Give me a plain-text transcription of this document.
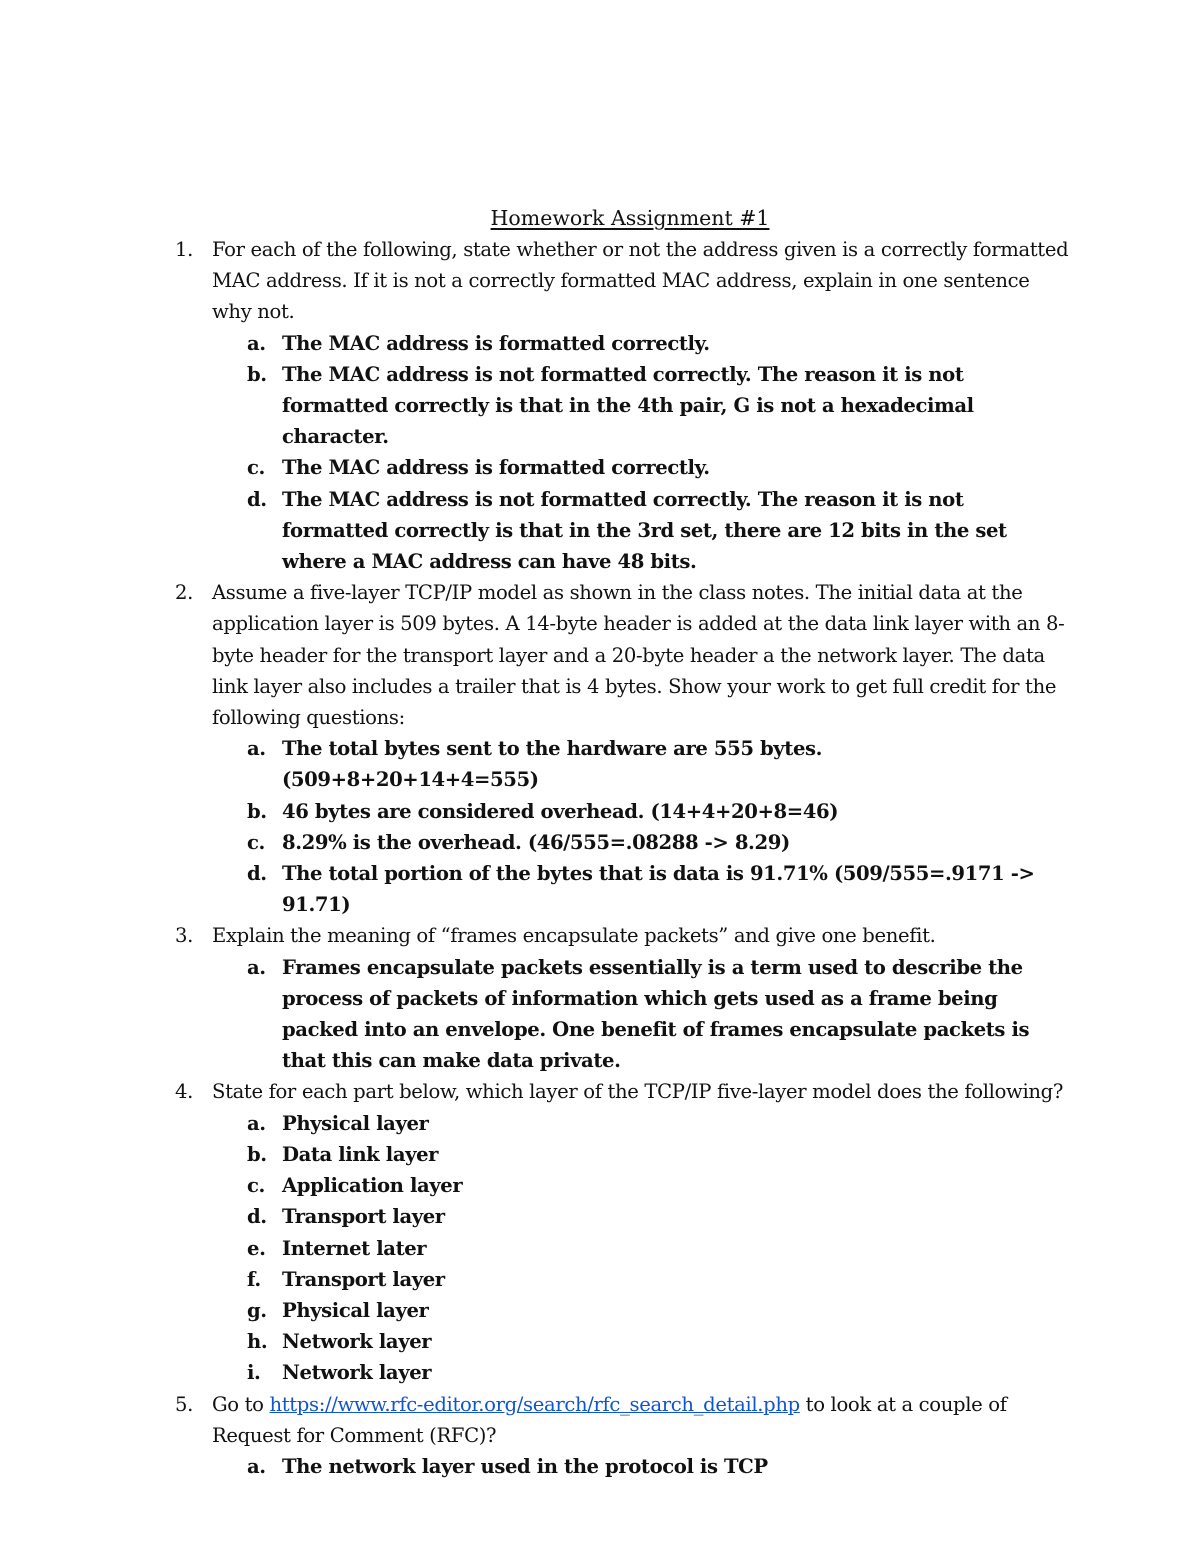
Homework Assignment #1

1. For each of the following, state whether or not the address given is a correctly formatted MAC address. If it is not a correctly formatted MAC address, explain in one sentence why not.

a. The MAC address is formatted correctly.
b. The MAC address is not formatted correctly. The reason it is not formatted correctly is that in the 4th pair, G is not a hexadecimal character.
c. The MAC address is formatted correctly.
d. The MAC address is not formatted correctly. The reason it is not formatted correctly is that in the 3rd set, there are 12 bits in the set where a MAC address can have 48 bits.

2. Assume a five-layer TCP/IP model as shown in the class notes. The initial data at the application layer is 509 bytes. A 14-byte header is added at the data link layer with an 8-byte header for the transport layer and a 20-byte header a the network layer. The data link layer also includes a trailer that is 4 bytes. Show your work to get full credit for the following questions:

a. The total bytes sent to the hardware are 555 bytes. (509+8+20+14+4=555)
b. 46 bytes are considered overhead. (14+4+20+8=46)
c. 8.29% is the overhead. (46/555=.08288 -> 8.29)
d. The total portion of the bytes that is data is 91.71% (509/555=.9171 -> 91.71)

3. Explain the meaning of “frames encapsulate packets” and give one benefit.

a. Frames encapsulate packets essentially is a term used to describe the process of packets of information which gets used as a frame being packed into an envelope. One benefit of frames encapsulate packets is that this can make data private.

4. State for each part below, which layer of the TCP/IP five-layer model does the following?

a. Physical layer
b. Data link layer
c. Application layer
d. Transport layer
e. Internet later
f. Transport layer
g. Physical layer
h. Network layer
i. Network layer

5. Go to https://www.rfc-editor.org/search/rfc_search_detail.php to look at a couple of Request for Comment (RFC)?

a. The network layer used in the protocol is TCP
